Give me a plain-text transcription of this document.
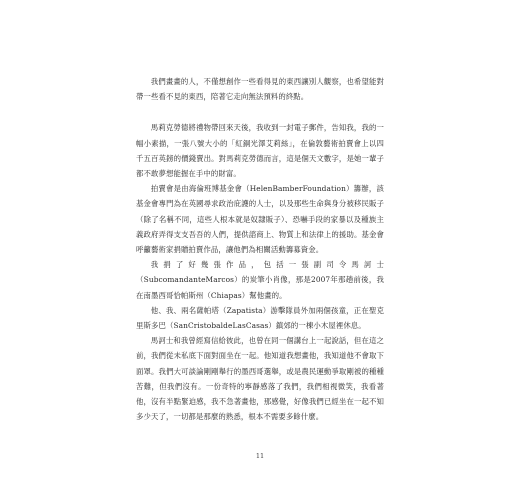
我們畫畫的人，不僅想創作一些看得見的東西讓別人觀察，也希望能對帶一些看不見的東西，陪著它走向無法預料的終點。

馬莉克勞德將禮物帶回來天後，我收到一封電子郵件，告知我，我的一幅小素描，一張八號大小的「紅銅光澤艾莉絲」，在倫敦藝術拍賣會上以四千五百英鎊的價錢賣出。對馬莉克勞德而言，這是個天文數字，是她一輩子都不敢夢想能握在手中的財富。

拍賣會是由海倫班博基金會（HelenBamberFoundation）籌辦，該基金會專門為在英國尋求政治庇護的人士，以及那些生命與身分被移民販子（除了名稱不同，這些人根本就是奴隸販子）、恐嚇手段的家暴以及種族主義政府弄得支支吾吾的人們，提供諮商上、物質上和法律上的援助。基金會呼籲藝術家捐贈拍賣作品，讓他們為相關活動籌募資金。

我捐了好幾張作品，包括一張副司令馬訶士（SubcomandanteMarcos）的炭筆小肖像，那是2007年那趟前後，我在南墨西哥恰帕斯州（Chiapas）幫他畫的。

他、我、兩名薩帕塔（Zapatista）游擊隊員外加兩個孩童，正在聖克里斯多巴（SanCristobaldeLasCasas）鎮郊的一棟小木屋裡休息。

馬訶士和我曾經寫信給彼此，也曾在同一個講台上一起說話，但在這之前，我們從未私底下面對面坐在一起。他知道我想畫他，我知道他不會取下面罩。我們大可談論剛剛舉行的墨西哥選舉，或是農民運動爭取剛被的種種苦難，但我們沒有。一份奇特的寧靜感落了我們，我們相視微笑，我看著他，沒有半點緊迫感，我不急著畫他，那感覺，好像我們已經坐在一起不知多少天了，一切都是那麼的熟悉，根本不需要多餘什麼。

11
